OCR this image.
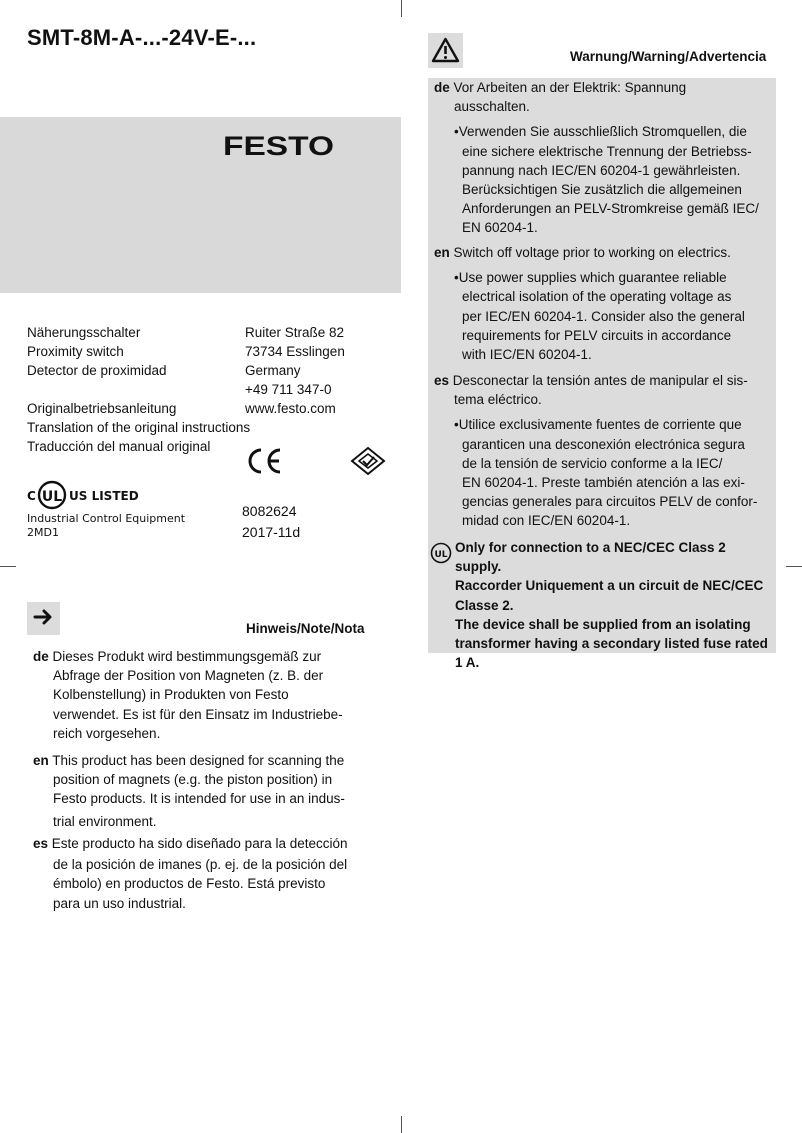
SMT-8M-A-...-24V-E-...
FESTO
Näherungsschalter
Proximity switch
Detector de proximidad
Originalbetriebsanleitung
Translation of the original instructions
Traducción del manual original
Ruiter Straße 82
73734 Esslingen
Germany
+49 711 347-0
www.festo.com
C UL US LISTED
Industrial Control Equipment
2MD1
8082624
2017-11d
Hinweis/Note/Nota
de Dieses Produkt wird bestimmungsgemäß zur
Abfrage der Position von Magneten (z. B. der
Kolbenstellung) in Produkten von Festo
verwendet. Es ist für den Einsatz im Industriebe-
reich vorgesehen.
en This product has been designed for scanning the
position of magnets (e.g. the piston position) in
Festo products. It is intended for use in an indus-
trial environment.
es Este producto ha sido diseñado para la detección
de la posición de imanes (p. ej. de la posición del
émbolo) en productos de Festo. Está previsto
para un uso industrial.
Warnung/Warning/Advertencia
de Vor Arbeiten an der Elektrik: Spannung
ausschalten.
•Verwenden Sie ausschließlich Stromquellen, die
eine sichere elektrische Trennung der Betriebss-
pannung nach IEC/EN 60204-1 gewährleisten.
Berücksichtigen Sie zusätzlich die allgemeinen
Anforderungen an PELV-Stromkreise gemäß IEC/
EN 60204-1.
en Switch off voltage prior to working on electrics.
•Use power supplies which guarantee reliable
electrical isolation of the operating voltage as
per IEC/EN 60204-1. Consider also the general
requirements for PELV circuits in accordance
with IEC/EN 60204-1.
es Desconectar la tensión antes de manipular el sis-
tema eléctrico.
•Utilice exclusivamente fuentes de corriente que
garanticen una desconexión electrónica segura
de la tensión de servicio conforme a la IEC/
EN 60204-1. Preste también atención a las exi-
gencias generales para circuitos PELV de confor-
midad con IEC/EN 60204-1.
UL Only for connection to a NEC/CEC Class 2 supply.
Raccorder Uniquement a un circuit de NEC/CEC
Classe 2.
The device shall be supplied from an isolating
transformer having a secondary listed fuse rated
1 A.
